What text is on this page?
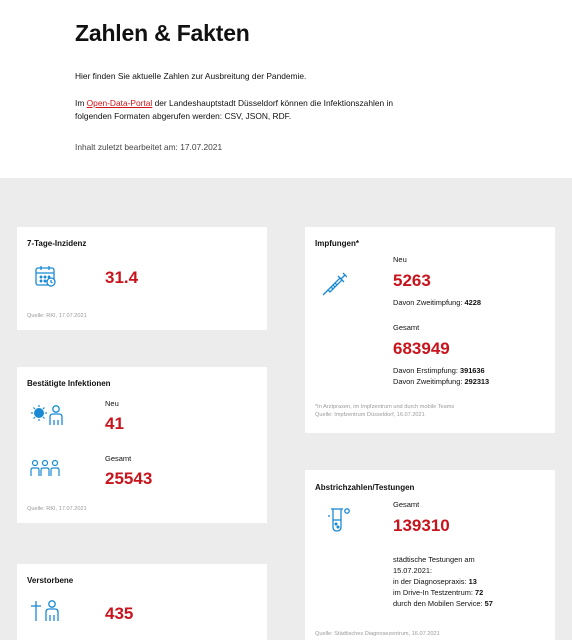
Zahlen & Fakten
Hier finden Sie aktuelle Zahlen zur Ausbreitung der Pandemie.
Im Open-Data-Portal der Landeshauptstadt Düsseldorf können die Infektionszahlen in
folgenden Formaten abgerufen werden: CSV, JSON, RDF.
Inhalt zuletzt bearbeitet am: 17.07.2021
7-Tage-Inzidenz
31.4
Quelle: RKI, 17.07.2021
Bestätigte Infektionen
Neu
41
Gesamt
25543
Quelle: RKI, 17.07.2021
Verstorbene
435
Impfungen*
Neu
5263
Davon Zweitimpfung: 4228
Gesamt
683949
Davon Erstimpfung: 391636
Davon Zweitimpfung: 292313
*In Arztpraxen, im Impfzentrum und durch mobile Teams
Quelle: Impfzentrum Düsseldorf, 16.07.2021
Abstrichzahlen/Testungen
Gesamt
139310
städtische Testungen am
15.07.2021:
in der Diagnosepraxis: 13
im Drive-In Testzentrum: 72
durch den Mobilen Service: 57
Quelle: Städtisches Diagnosezentrum, 16.07.2021
